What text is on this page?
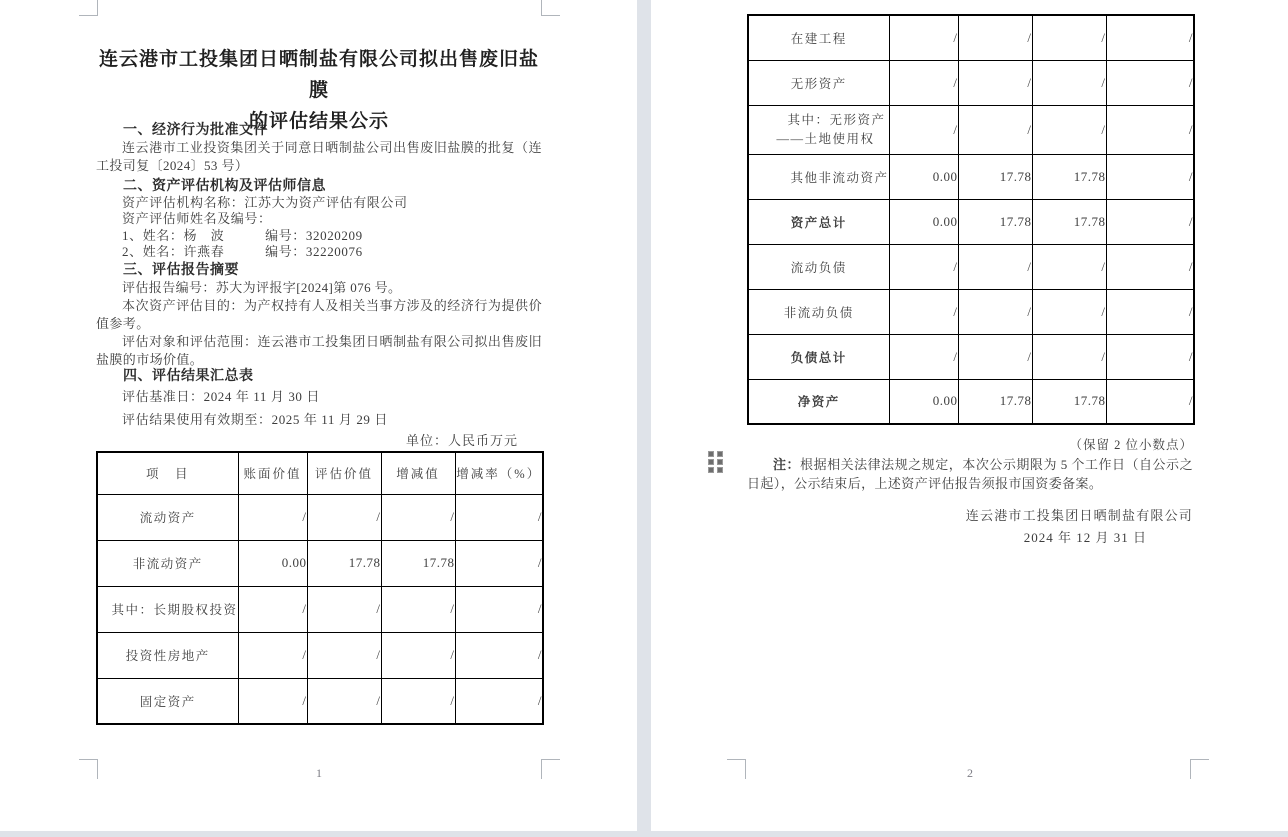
连云港市工投集团日晒制盐有限公司拟出售废旧盐膜
的评估结果公示
一、经济行为批准文件

连云港市工业投资集团关于同意日晒制盐公司出售废旧盐膜的批复（连工投司复〔2024〕53 号）

二、资产评估机构及评估师信息
资产评估机构名称：江苏大为资产评估有限公司
资产评估师姓名及编号：
1、姓名：杨　波　　　编号：32020209
2、姓名：许燕春　　　编号：32220076
三、评估报告摘要

评估报告编号：苏大为评报字[2024]第 076 号。

本次资产评估目的：为产权持有人及相关当事方涉及的经济行为提供价值参考。

评估对象和评估范围：连云港市工投集团日晒制盐有限公司拟出售废旧盐膜的市场价值。

四、评估结果汇总表
评估基准日：2024 年 11 月 30 日
评估结果使用有效期至：2025 年 11 月 29 日
单位：人民币万元
项　目	账面价值	评估价值	增减值	增减率（%）
流动资产	/	/	/	/
非流动资产	0.00	17.78	17.78	/
其中：长期股权投资	/	/	/	/
投资性房地产	/	/	/	/
固定资产	/	/	/	/
1
在建工程	/	/	/	/
无形资产	/	/	/	/

其中：无形资产
——土地使用权	/	/	/	/
其他非流动资产	0.00	17.78	17.78	/
资产总计	0.00	17.78	17.78	/
流动负债	/	/	/	/
非流动负债	/	/	/	/
负债总计	/	/	/	/
净资产	0.00	17.78	17.78	/
（保留 2 位小数点）

注：根据相关法律法规之规定，本次公示期限为 5 个工作日（自公示之日起），公示结束后，上述资产评估报告须报市国资委备案。

连云港市工投集团日晒制盐有限公司
2024 年 12 月 31 日
2
